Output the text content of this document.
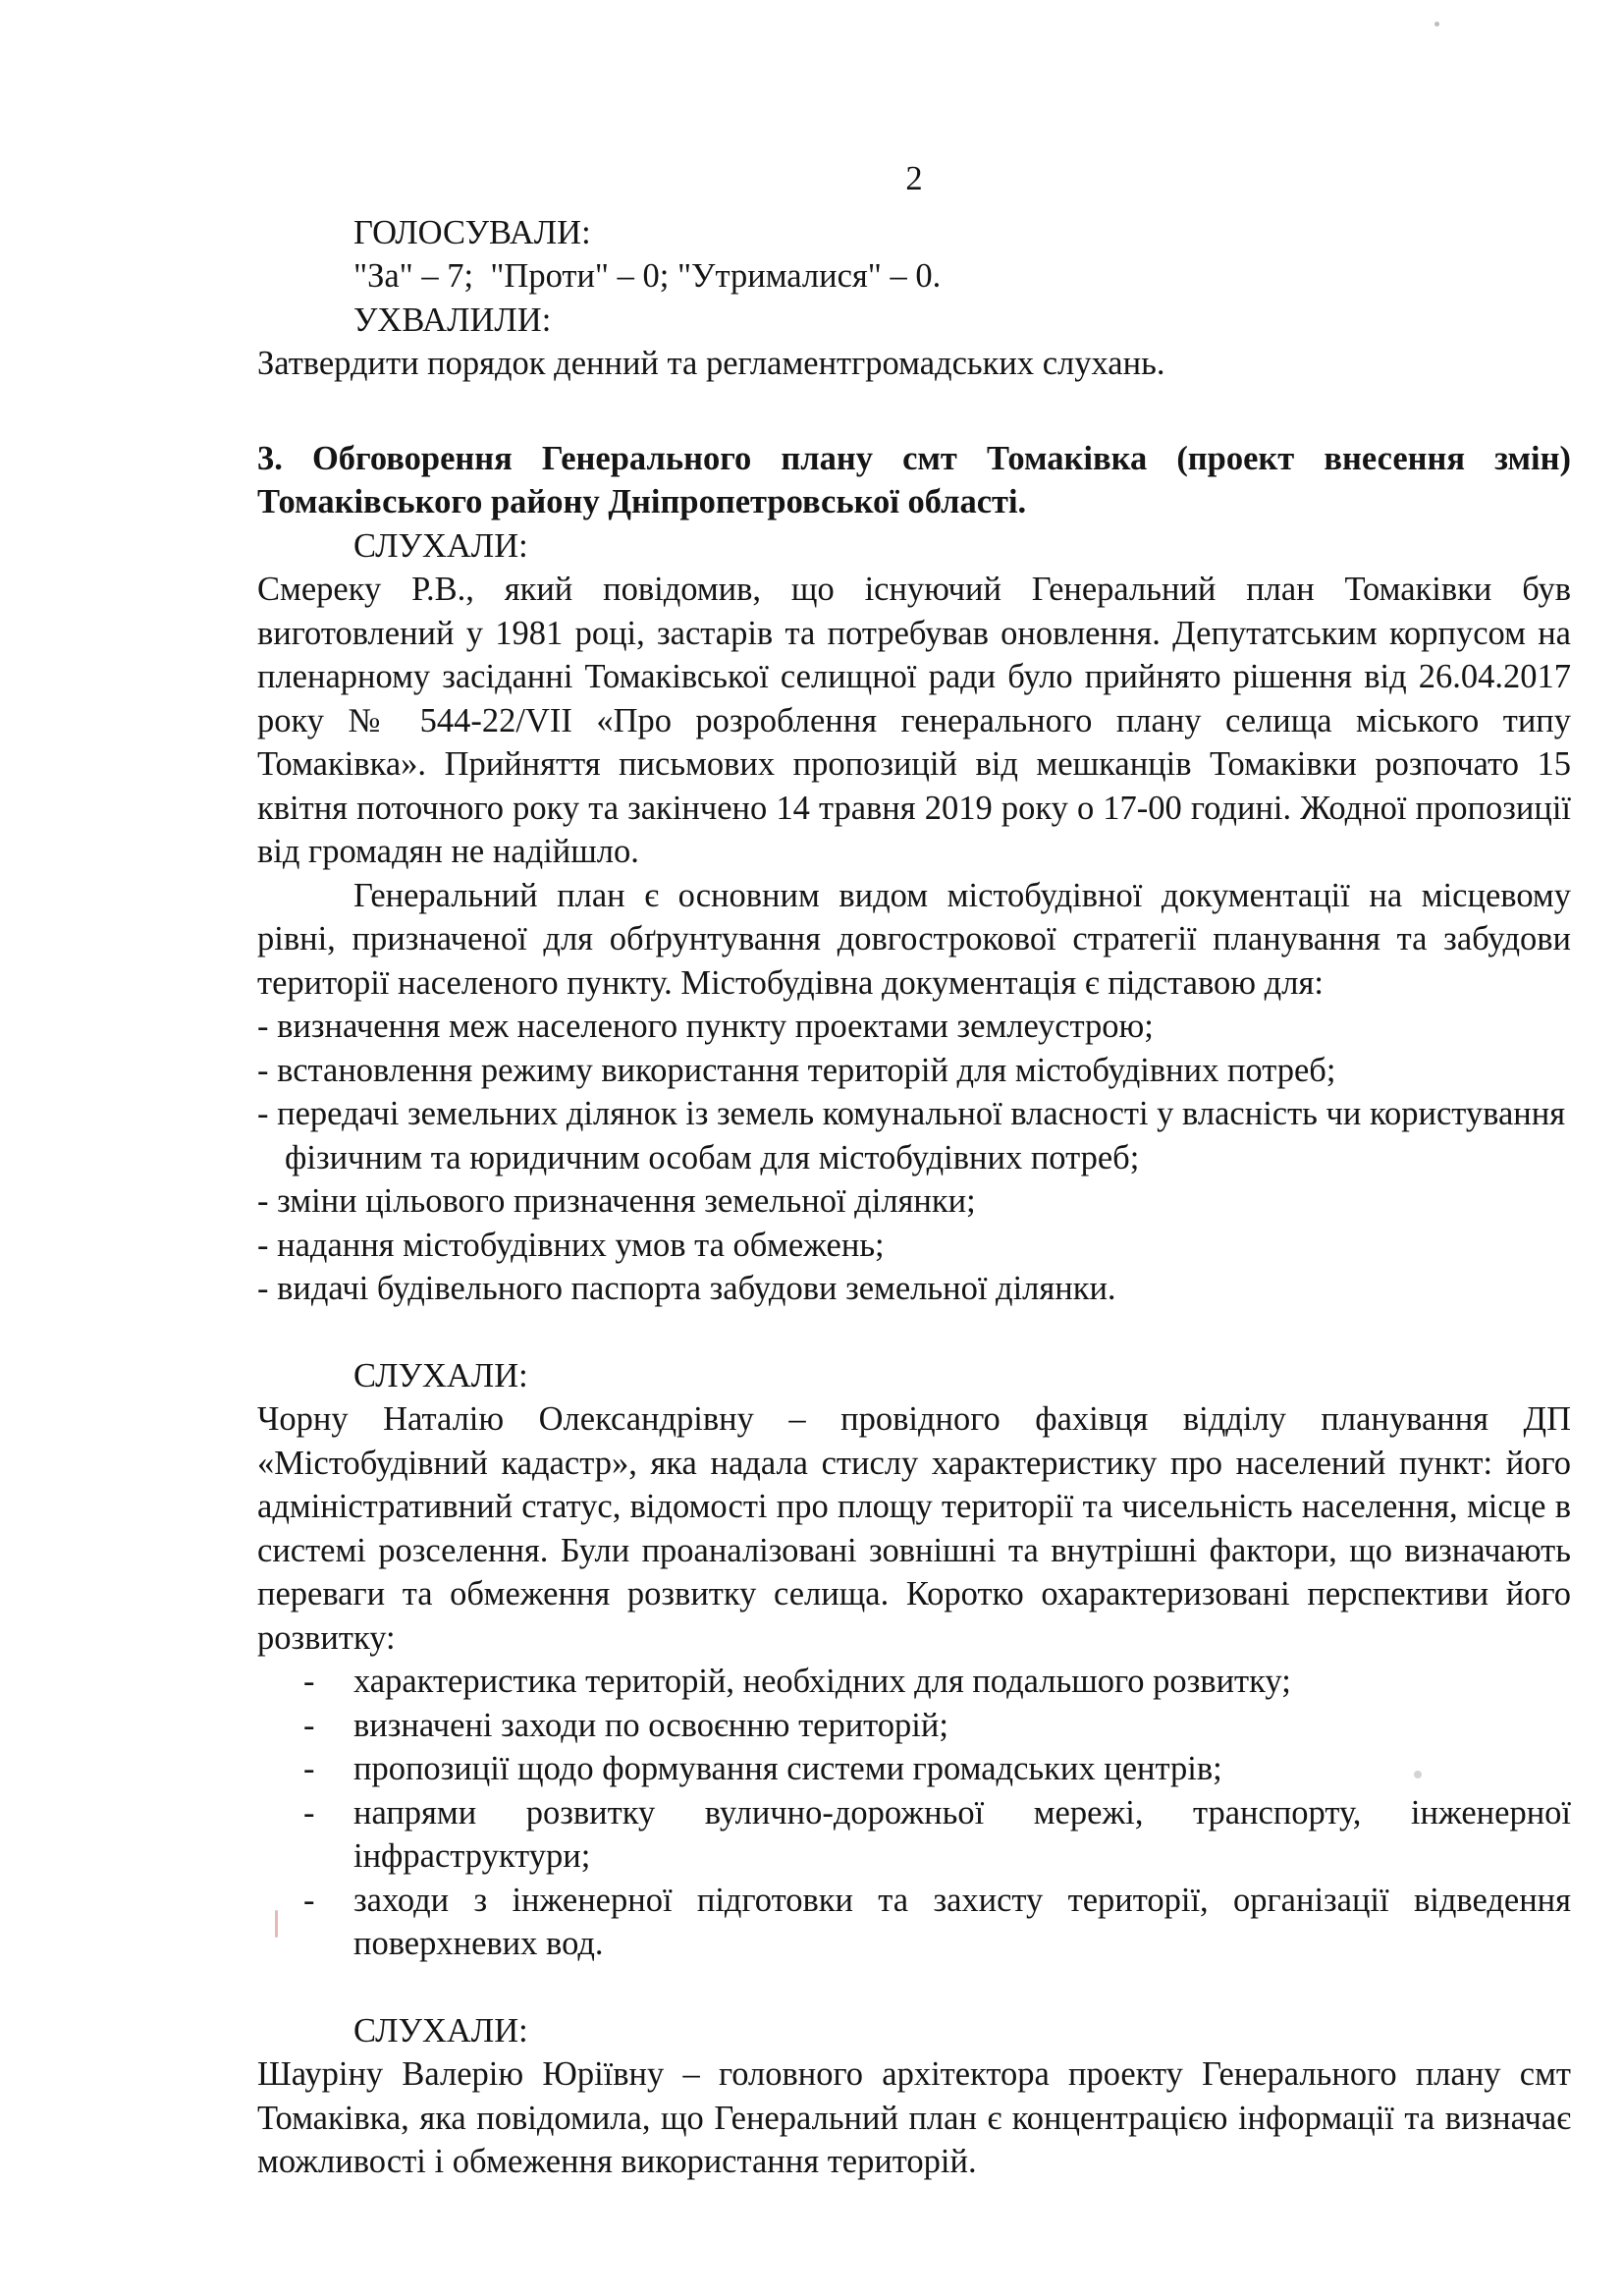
2
ГОЛОСУВАЛИ:
"За" – 7;  "Проти" – 0; "Утрималися" – 0.
УХВАЛИЛИ:
Затвердити порядок денний та регламентгромадських слухань.

3. Обговорення Генерального плану смт Томаківка (проект внесення змін) Томаківського району Дніпропетровської області.

СЛУХАЛИ:

Смереку Р.В., який повідомив, що існуючий Генеральний план Томаківки був виготовлений у 1981 році, застарів та потребував оновлення. Депутатським корпусом на пленарному засіданні Томаківської селищної ради було прийнято рішення від 26.04.2017 року № 544-22/VII «Про розроблення генерального плану селища міського типу Томаківка». Прийняття письмових пропозицій від мешканців Томаківки розпочато 15 квітня поточного року та закінчено 14 травня 2019 року о 17-00 годині. Жодної пропозиції від громадян не надійшло.

Генеральний план є основним видом містобудівної документації на місцевому рівні, призначеної для обґрунтування довгострокової стратегії планування та забудови території населеного пункту. Містобудівна документація є підставою для:

- визначення меж населеного пункту проектами землеустрою;
- встановлення режиму використання територій для містобудівних потреб;
- передачі земельних ділянок із земель комунальної власності у власність чи користування фізичним та юридичним особам для містобудівних потреб;
- зміни цільового призначення земельної ділянки;
- надання містобудівних умов та обмежень;
- видачі будівельного паспорта забудови земельної ділянки.
СЛУХАЛИ:

Чорну Наталію Олександрівну – провідного фахівця відділу планування ДП «Містобудівний кадастр», яка надала стислу характеристику про населений пункт: його адміністративний статус, відомості про площу території та чисельність населення, місце в системі розселення. Були проаналізовані зовнішні та внутрішні фактори, що визначають переваги та обмеження розвитку селища. Коротко охарактеризовані перспективи його розвитку:

- характеристика територій, необхідних для подальшого розвитку;
- визначені заходи по освоєнню територій;
- пропозиції щодо формування системи громадських центрів;
- напрями розвитку вулично-дорожньої мережі, транспорту, інженерної інфраструктури;
- заходи з інженерної підготовки та захисту території, організації відведення поверхневих вод.
СЛУХАЛИ:

Шауріну Валерію Юріївну – головного архітектора проекту Генерального плану смт Томаківка, яка повідомила, що Генеральний план є концентрацією інформації та визначає можливості і обмеження використання територій.
